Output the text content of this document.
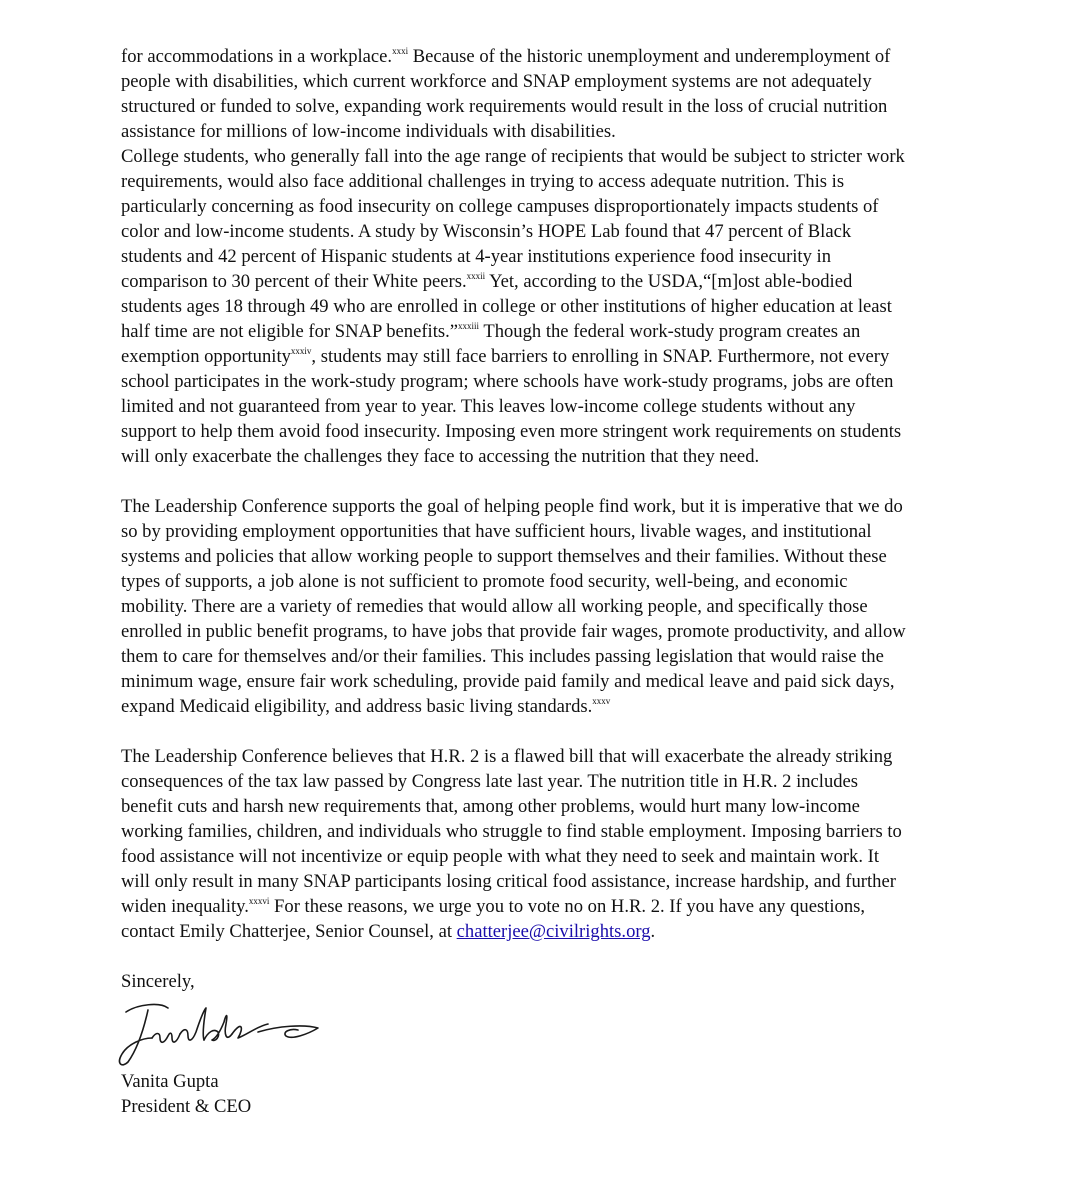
for accommodations in a workplace.$^{xxxi}$ Because of the historic unemployment and underemployment of
people with disabilities, which current workforce and SNAP employment systems are not adequately
structured or funded to solve, expanding work requirements would result in the loss of crucial nutrition
assistance for millions of low-income individuals with disabilities.
College students, who generally fall into the age range of recipients that would be subject to stricter work
requirements, would also face additional challenges in trying to access adequate nutrition. This is
particularly concerning as food insecurity on college campuses disproportionately impacts students of
color and low-income students. A study by Wisconsin’s HOPE Lab found that 47 percent of Black
students and 42 percent of Hispanic students at 4-year institutions experience food insecurity in
comparison to 30 percent of their White peers.$^{xxxii}$ Yet, according to the USDA,“[m]ost able-bodied
students ages 18 through 49 who are enrolled in college or other institutions of higher education at least
half time are not eligible for SNAP benefits.”$^{xxxiii}$ Though the federal work-study program creates an
exemption opportunity$^{xxxiv}$, students may still face barriers to enrolling in SNAP. Furthermore, not every
school participates in the work-study program; where schools have work-study programs, jobs are often
limited and not guaranteed from year to year. This leaves low-income college students without any
support to help them avoid food insecurity. Imposing even more stringent work requirements on students
will only exacerbate the challenges they face to accessing the nutrition that they need.
The Leadership Conference supports the goal of helping people find work, but it is imperative that we do
so by providing employment opportunities that have sufficient hours, livable wages, and institutional
systems and policies that allow working people to support themselves and their families. Without these
types of supports, a job alone is not sufficient to promote food security, well-being, and economic
mobility. There are a variety of remedies that would allow all working people, and specifically those
enrolled in public benefit programs, to have jobs that provide fair wages, promote productivity, and allow
them to care for themselves and/or their families. This includes passing legislation that would raise the
minimum wage, ensure fair work scheduling, provide paid family and medical leave and paid sick days,
expand Medicaid eligibility, and address basic living standards.$^{xxxv}$
The Leadership Conference believes that H.R. 2 is a flawed bill that will exacerbate the already striking
consequences of the tax law passed by Congress late last year. The nutrition title in H.R. 2 includes
benefit cuts and harsh new requirements that, among other problems, would hurt many low-income
working families, children, and individuals who struggle to find stable employment. Imposing barriers to
food assistance will not incentivize or equip people with what they need to seek and maintain work. It
will only result in many SNAP participants losing critical food assistance, increase hardship, and further
widen inequality.$^{xxxvi}$ For these reasons, we urge you to vote no on H.R. 2. If you have any questions,
contact Emily Chatterjee, Senior Counsel, at chatterjee@civilrights.org.
Sincerely,
Vanita Gupta
President & CEO
